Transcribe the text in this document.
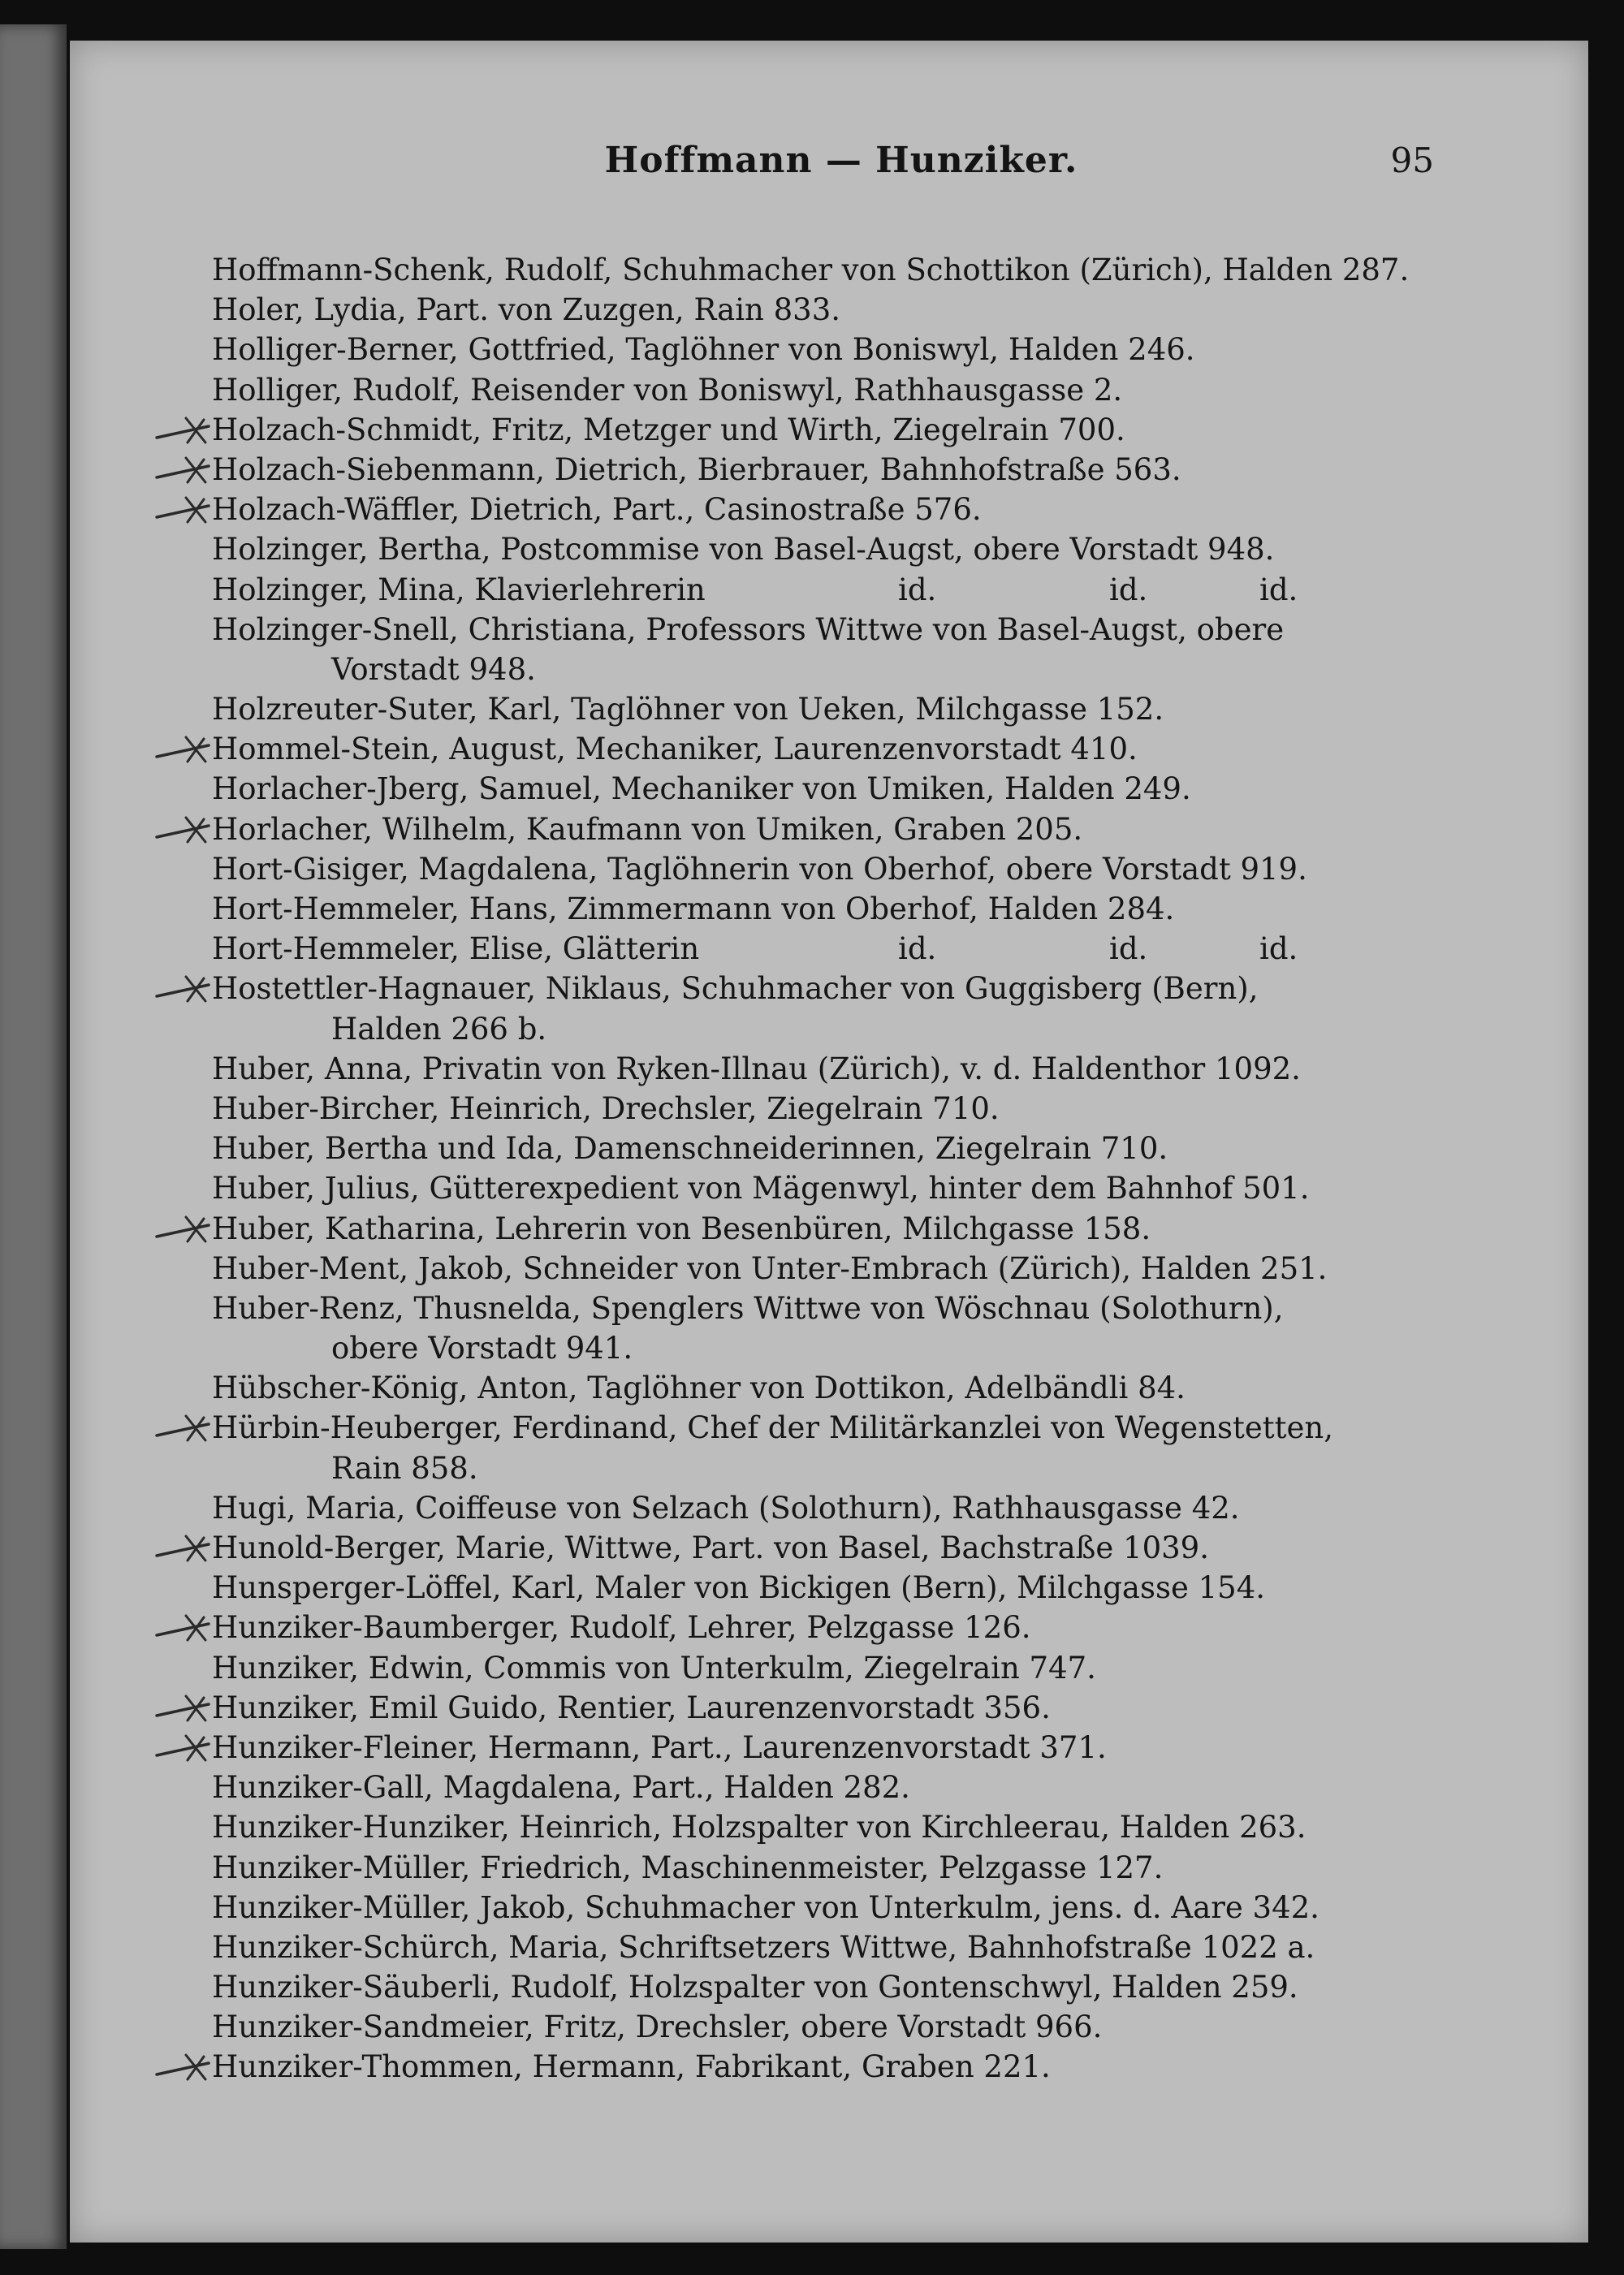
Hoffmann — Hunziker.	95
Hoffmann-Schenk, Rudolf, Schuhmacher von Schottikon (Zürich), Halden 287.
Holer, Lydia, Part. von Zuzgen, Rain 833.
Holliger-Berner, Gottfried, Taglöhner von Boniswyl, Halden 246.
Holliger, Rudolf, Reisender von Boniswyl, Rathhausgasse 2.
Holzach-Schmidt, Fritz, Metzger und Wirth, Ziegelrain 700.
Holzach-Siebenmann, Dietrich, Bierbrauer, Bahnhofstraße 563.
Holzach-Wäffler, Dietrich, Part., Casinostraße 576.
Holzinger, Bertha, Postcommise von Basel-Augst, obere Vorstadt 948.
Holzinger, Mina, Klavierlehrerin	id.	id.	id.
Holzinger-Snell, Christiana, Professors Wittwe von Basel-Augst, obere
Vorstadt 948.
Holzreuter-Suter, Karl, Taglöhner von Ueken, Milchgasse 152.
Hommel-Stein, August, Mechaniker, Laurenzenvorstadt 410.
Horlacher-Jberg, Samuel, Mechaniker von Umiken, Halden 249.
Horlacher, Wilhelm, Kaufmann von Umiken, Graben 205.
Hort-Gisiger, Magdalena, Taglöhnerin von Oberhof, obere Vorstadt 919.
Hort-Hemmeler, Hans, Zimmermann von Oberhof, Halden 284.
Hort-Hemmeler, Elise, Glätterin	id.	id.	id.
Hostettler-Hagnauer, Niklaus, Schuhmacher von Guggisberg (Bern),
Halden 266 b.
Huber, Anna, Privatin von Ryken-Illnau (Zürich), v. d. Haldenthor 1092.
Huber-Bircher, Heinrich, Drechsler, Ziegelrain 710.
Huber, Bertha und Ida, Damenschneiderinnen, Ziegelrain 710.
Huber, Julius, Gütterexpedient von Mägenwyl, hinter dem Bahnhof 501.
Huber, Katharina, Lehrerin von Besenbüren, Milchgasse 158.
Huber-Ment, Jakob, Schneider von Unter-Embrach (Zürich), Halden 251.
Huber-Renz, Thusnelda, Spenglers Wittwe von Wöschnau (Solothurn),
obere Vorstadt 941.
Hübscher-König, Anton, Taglöhner von Dottikon, Adelbändli 84.
Hürbin-Heuberger, Ferdinand, Chef der Militärkanzlei von Wegenstetten,
Rain 858.
Hugi, Maria, Coiffeuse von Selzach (Solothurn), Rathhausgasse 42.
Hunold-Berger, Marie, Wittwe, Part. von Basel, Bachstraße 1039.
Hunsperger-Löffel, Karl, Maler von Bickigen (Bern), Milchgasse 154.
Hunziker-Baumberger, Rudolf, Lehrer, Pelzgasse 126.
Hunziker, Edwin, Commis von Unterkulm, Ziegelrain 747.
Hunziker, Emil Guido, Rentier, Laurenzenvorstadt 356.
Hunziker-Fleiner, Hermann, Part., Laurenzenvorstadt 371.
Hunziker-Gall, Magdalena, Part., Halden 282.
Hunziker-Hunziker, Heinrich, Holzspalter von Kirchleerau, Halden 263.
Hunziker-Müller, Friedrich, Maschinenmeister, Pelzgasse 127.
Hunziker-Müller, Jakob, Schuhmacher von Unterkulm, jens. d. Aare 342.
Hunziker-Schürch, Maria, Schriftsetzers Wittwe, Bahnhofstraße 1022 a.
Hunziker-Säuberli, Rudolf, Holzspalter von Gontenschwyl, Halden 259.
Hunziker-Sandmeier, Fritz, Drechsler, obere Vorstadt 966.
Hunziker-Thommen, Hermann, Fabrikant, Graben 221.
